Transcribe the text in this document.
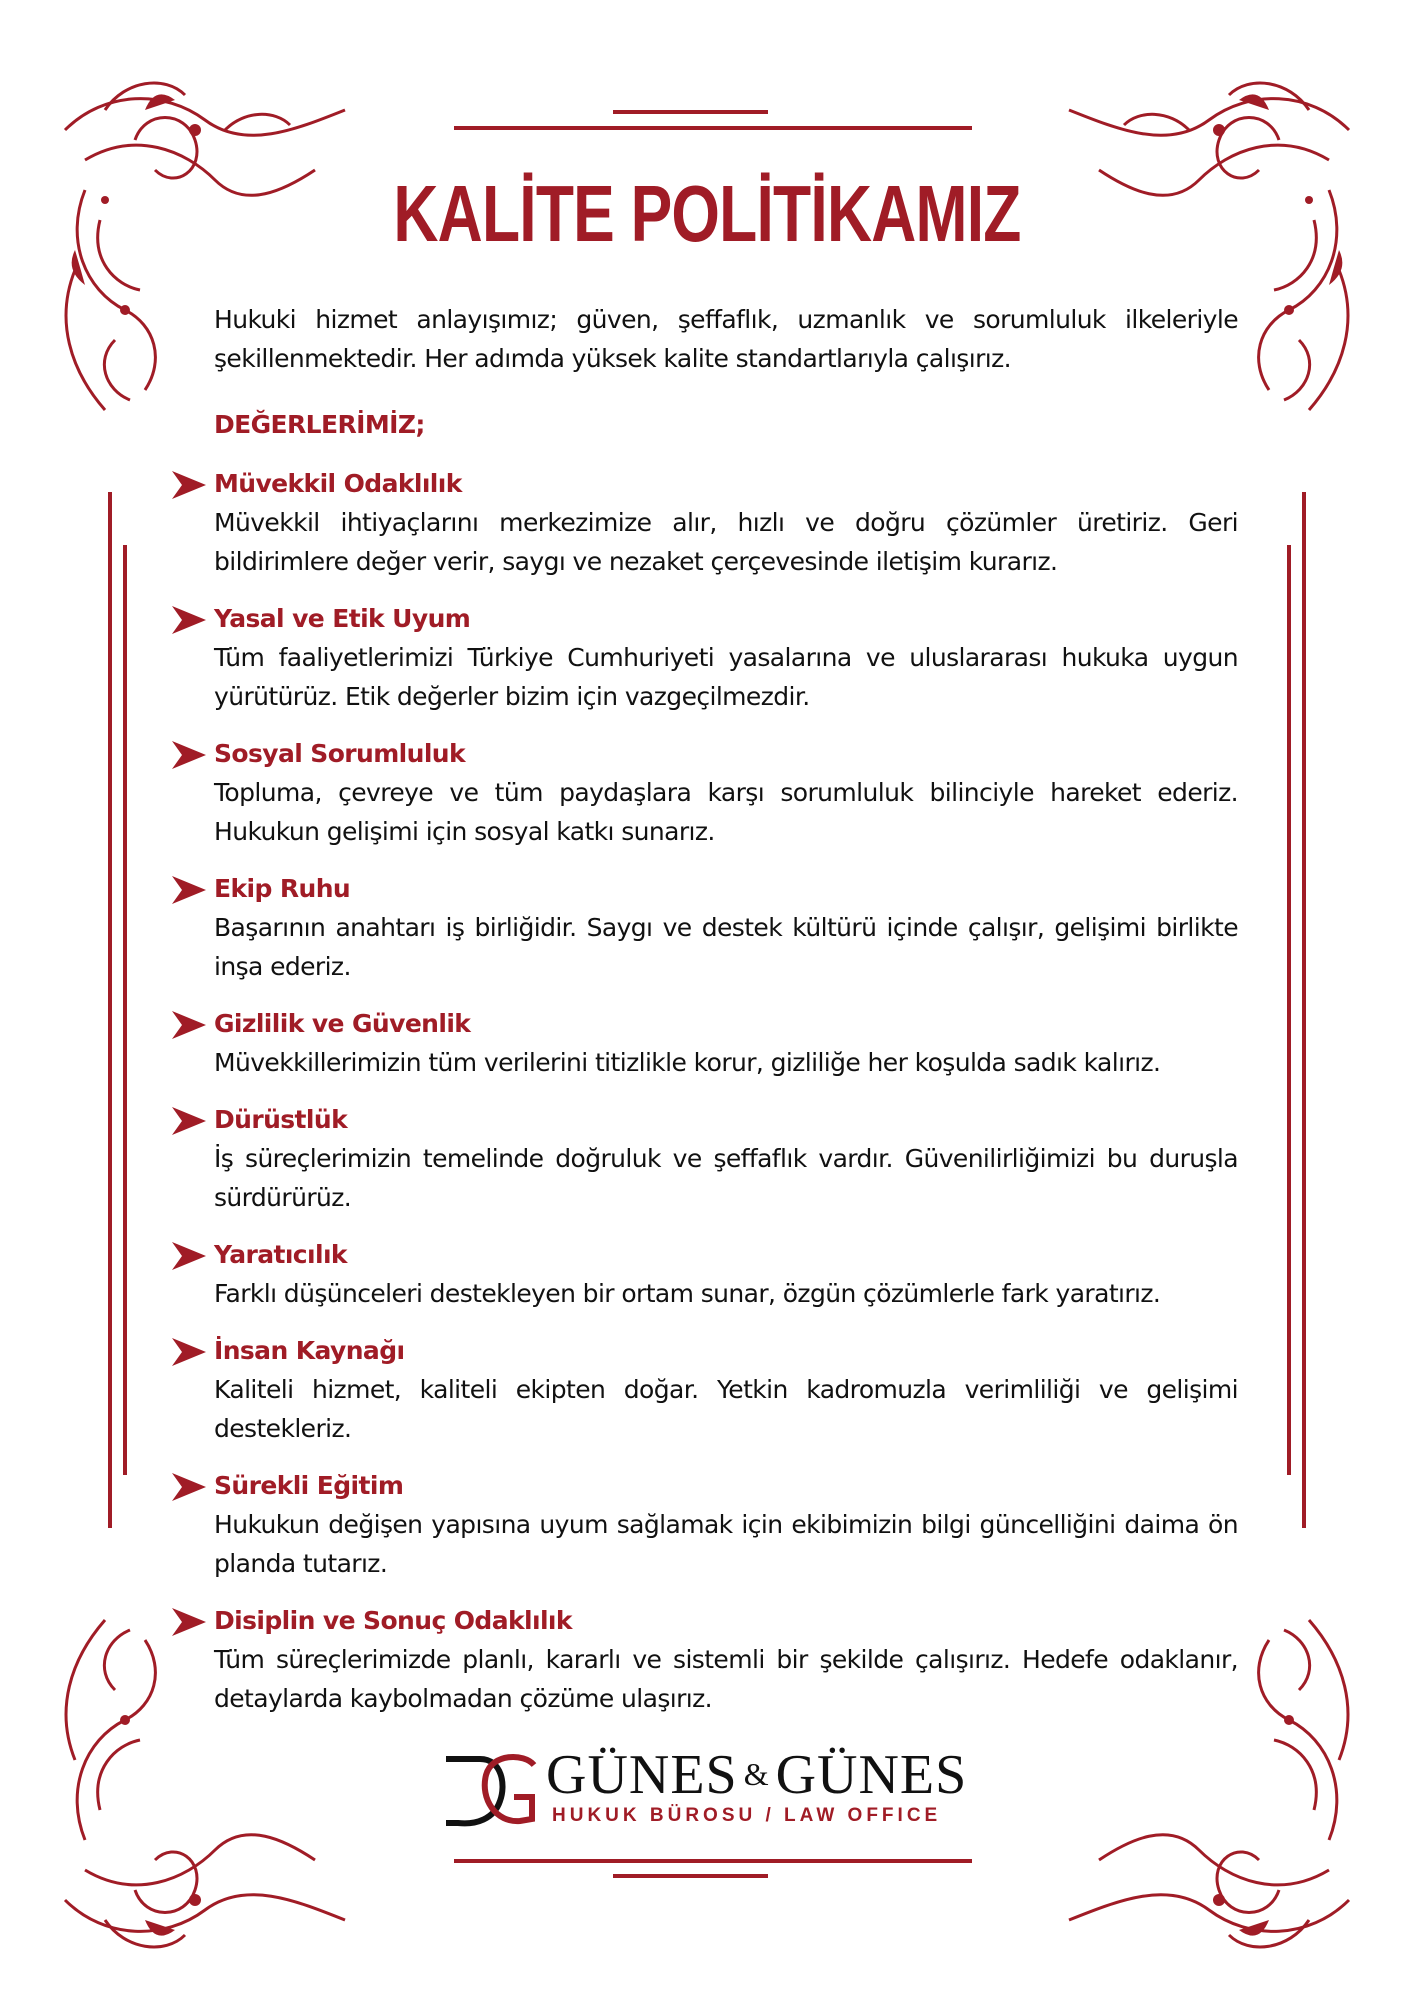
KALİTE POLİTİKAMIZ

Hukuki hizmet anlayışımız; güven, şeffaflık, uzmanlık ve sorumluluk ilkeleriyle şekillenmektedir. Her adımda yüksek kalite standartlarıyla çalışırız.

DEĞERLERİMİZ;
Müvekkil Odaklılık

Müvekkil ihtiyaçlarını merkezimize alır, hızlı ve doğru çözümler üretiriz. Geri bildirimlere değer verir, saygı ve nezaket çerçevesinde iletişim kurarız.

Yasal ve Etik Uyum

Tüm faaliyetlerimizi Türkiye Cumhuriyeti yasalarına ve uluslararası hukuka uygun yürütürüz. Etik değerler bizim için vazgeçilmezdir.

Sosyal Sorumluluk

Topluma, çevreye ve tüm paydaşlara karşı sorumluluk bilinciyle hareket ederiz. Hukukun gelişimi için sosyal katkı sunarız.

Ekip Ruhu

Başarının anahtarı iş birliğidir. Saygı ve destek kültürü içinde çalışır, gelişimi birlikte inşa ederiz.

Gizlilik ve Güvenlik

Müvekkillerimizin tüm verilerini titizlikle korur, gizliliğe her koşulda sadık kalırız.

Dürüstlük

İş süreçlerimizin temelinde doğruluk ve şeffaflık vardır. Güvenilirliğimizi bu duruşla sürdürürüz.

Yaratıcılık

Farklı düşünceleri destekleyen bir ortam sunar, özgün çözümlerle fark yaratırız.

İnsan Kaynağı

Kaliteli hizmet, kaliteli ekipten doğar. Yetkin kadromuzla verimliliği ve gelişimi destekleriz.

Sürekli Eğitim

Hukukun değişen yapısına uyum sağlamak için ekibimizin bilgi güncelliğini daima ön planda tutarız.

Disiplin ve Sonuç Odaklılık

Tüm süreçlerimizde planlı, kararlı ve sistemli bir şekilde çalışırız. Hedefe odaklanır, detaylarda kaybolmadan çözüme ulaşırız.

GÜNES & GÜNES
HUKUK BÜROSU / LAW OFFICE
